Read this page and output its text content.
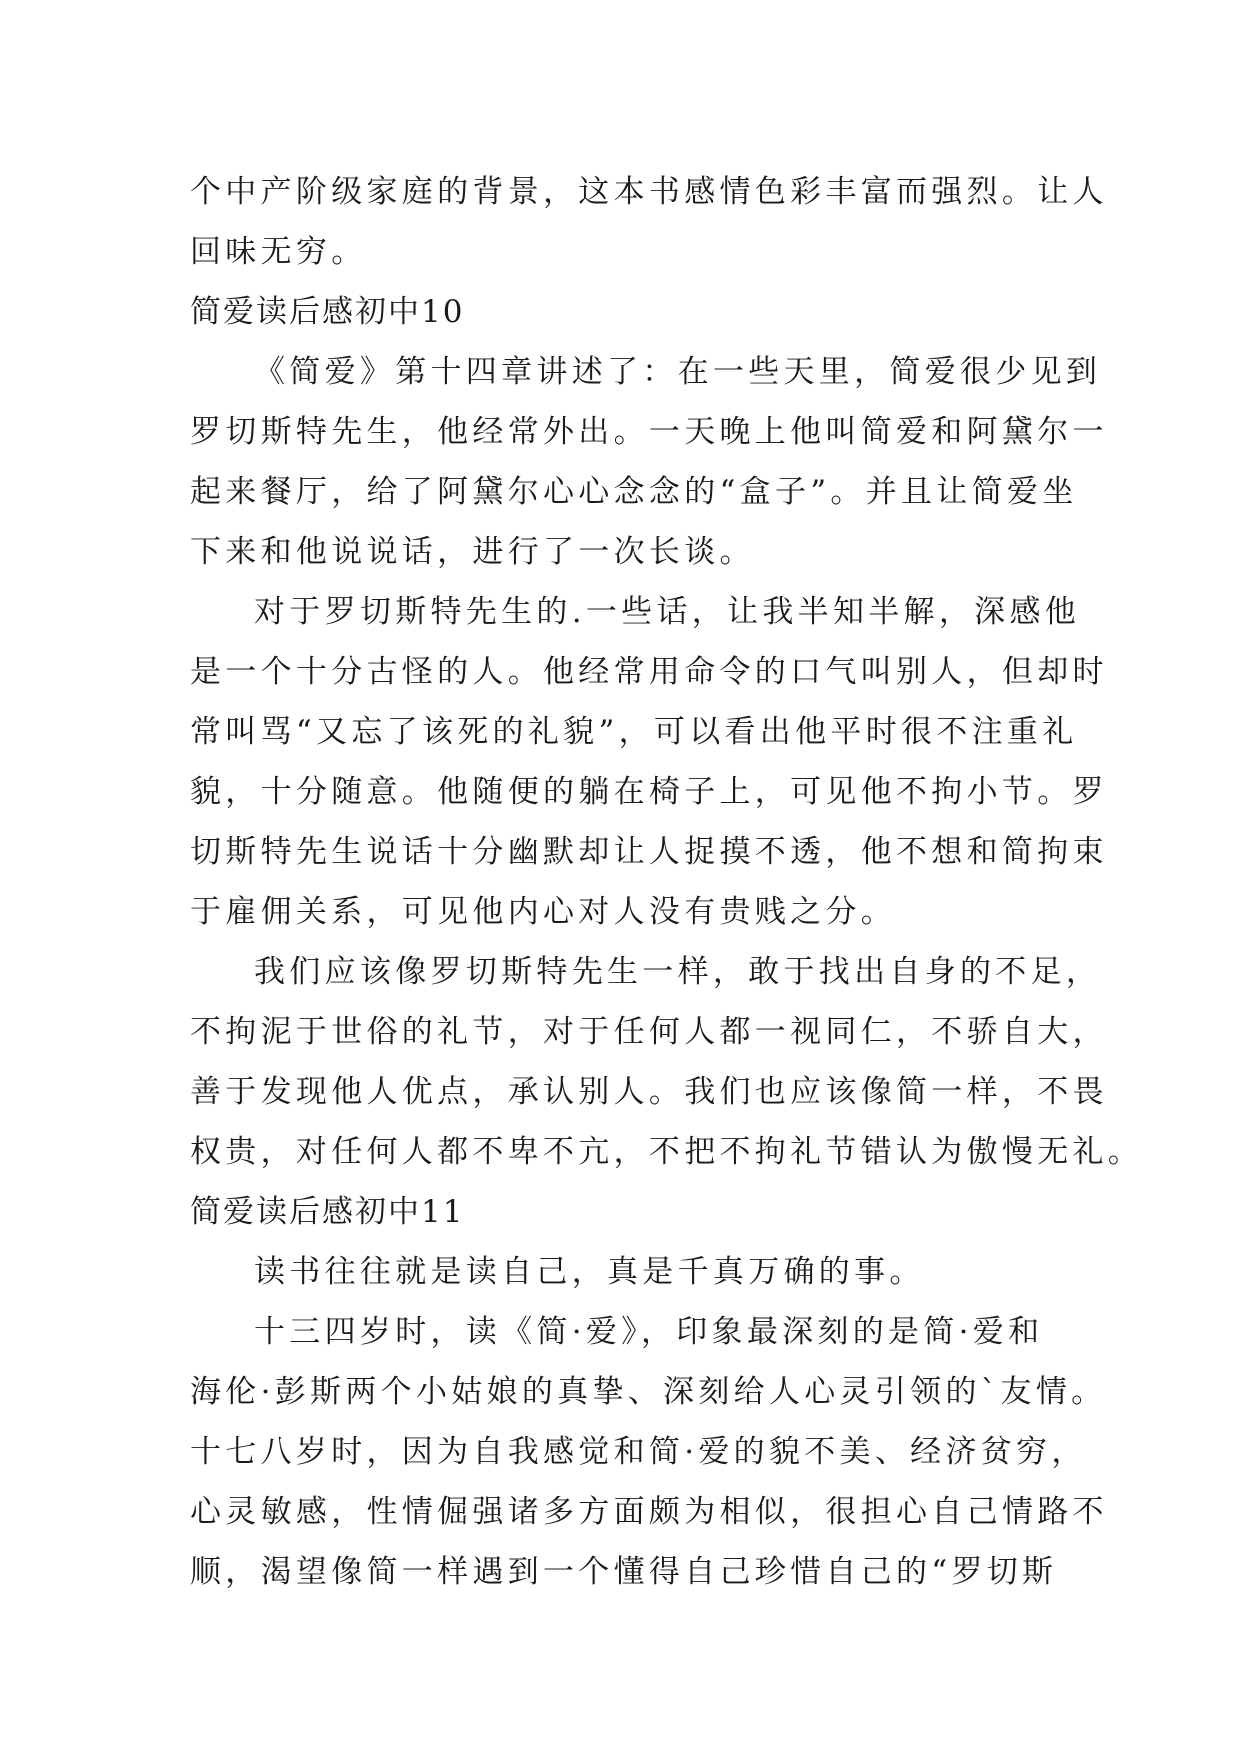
个中产阶级家庭的背景，这本书感情色彩丰富而强烈。让人
回味无穷。
简爱读后感初中10
《简爱》第十四章讲述了：在一些天里，简爱很少见到
罗切斯特先生，他经常外出。一天晚上他叫简爱和阿黛尔一
起来餐厅，给了阿黛尔心心念念的“盒子”。并且让简爱坐
下来和他说说话，进行了一次长谈。
对于罗切斯特先生的.一些话，让我半知半解，深感他
是一个十分古怪的人。他经常用命令的口气叫别人，但却时
常叫骂“又忘了该死的礼貌”，可以看出他平时很不注重礼
貌，十分随意。他随便的躺在椅子上，可见他不拘小节。罗
切斯特先生说话十分幽默却让人捉摸不透，他不想和简拘束
于雇佣关系，可见他内心对人没有贵贱之分。
我们应该像罗切斯特先生一样，敢于找出自身的不足，
不拘泥于世俗的礼节，对于任何人都一视同仁，不骄自大，
善于发现他人优点，承认别人。我们也应该像简一样，不畏
权贵，对任何人都不卑不亢，不把不拘礼节错认为傲慢无礼。
简爱读后感初中11
读书往往就是读自己，真是千真万确的事。
十三四岁时，读《简·爱》，印象最深刻的是简·爱和
海伦·彭斯两个小姑娘的真挚、深刻给人心灵引领的`友情。
十七八岁时，因为自我感觉和简·爱的貌不美、经济贫穷，
心灵敏感，性情倔强诸多方面颇为相似，很担心自己情路不
顺，渴望像简一样遇到一个懂得自己珍惜自己的“罗切斯
